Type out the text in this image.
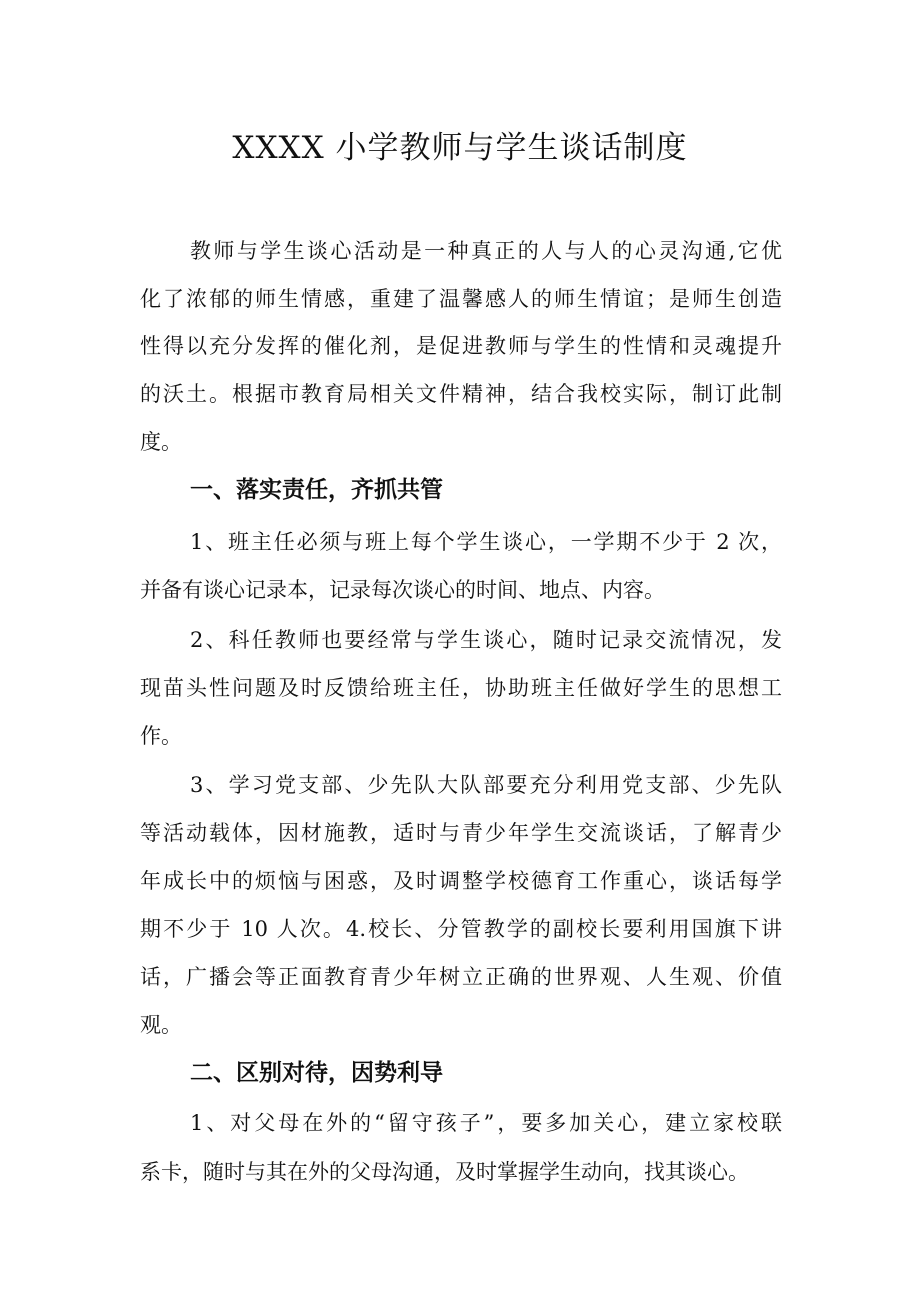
XXXX 小学教师与学生谈话制度
教师与学生谈心活动是一种真正的人与人的心灵沟通,它优
化了浓郁的师生情感，重建了温馨感人的师生情谊；是师生创造
性得以充分发挥的催化剂，是促进教师与学生的性情和灵魂提升
的沃土。根据市教育局相关文件精神，结合我校实际，制订此制
度。
一、落实责任，齐抓共管
1、班主任必须与班上每个学生谈心，一学期不少于 2 次，
并备有谈心记录本，记录每次谈心的时间、地点、内容。
2、科任教师也要经常与学生谈心，随时记录交流情况，发
现苗头性问题及时反馈给班主任，协助班主任做好学生的思想工
作。
3、学习党支部、少先队大队部要充分利用党支部、少先队
等活动载体，因材施教，适时与青少年学生交流谈话，了解青少
年成长中的烦恼与困惑，及时调整学校德育工作重心，谈话每学
期不少于 10 人次。4.校长、分管教学的副校长要利用国旗下讲
话，广播会等正面教育青少年树立正确的世界观、人生观、价值
观。
二、区别对待，因势利导
1、对父母在外的“留守孩子”，要多加关心，建立家校联
系卡，随时与其在外的父母沟通，及时掌握学生动向，找其谈心。
